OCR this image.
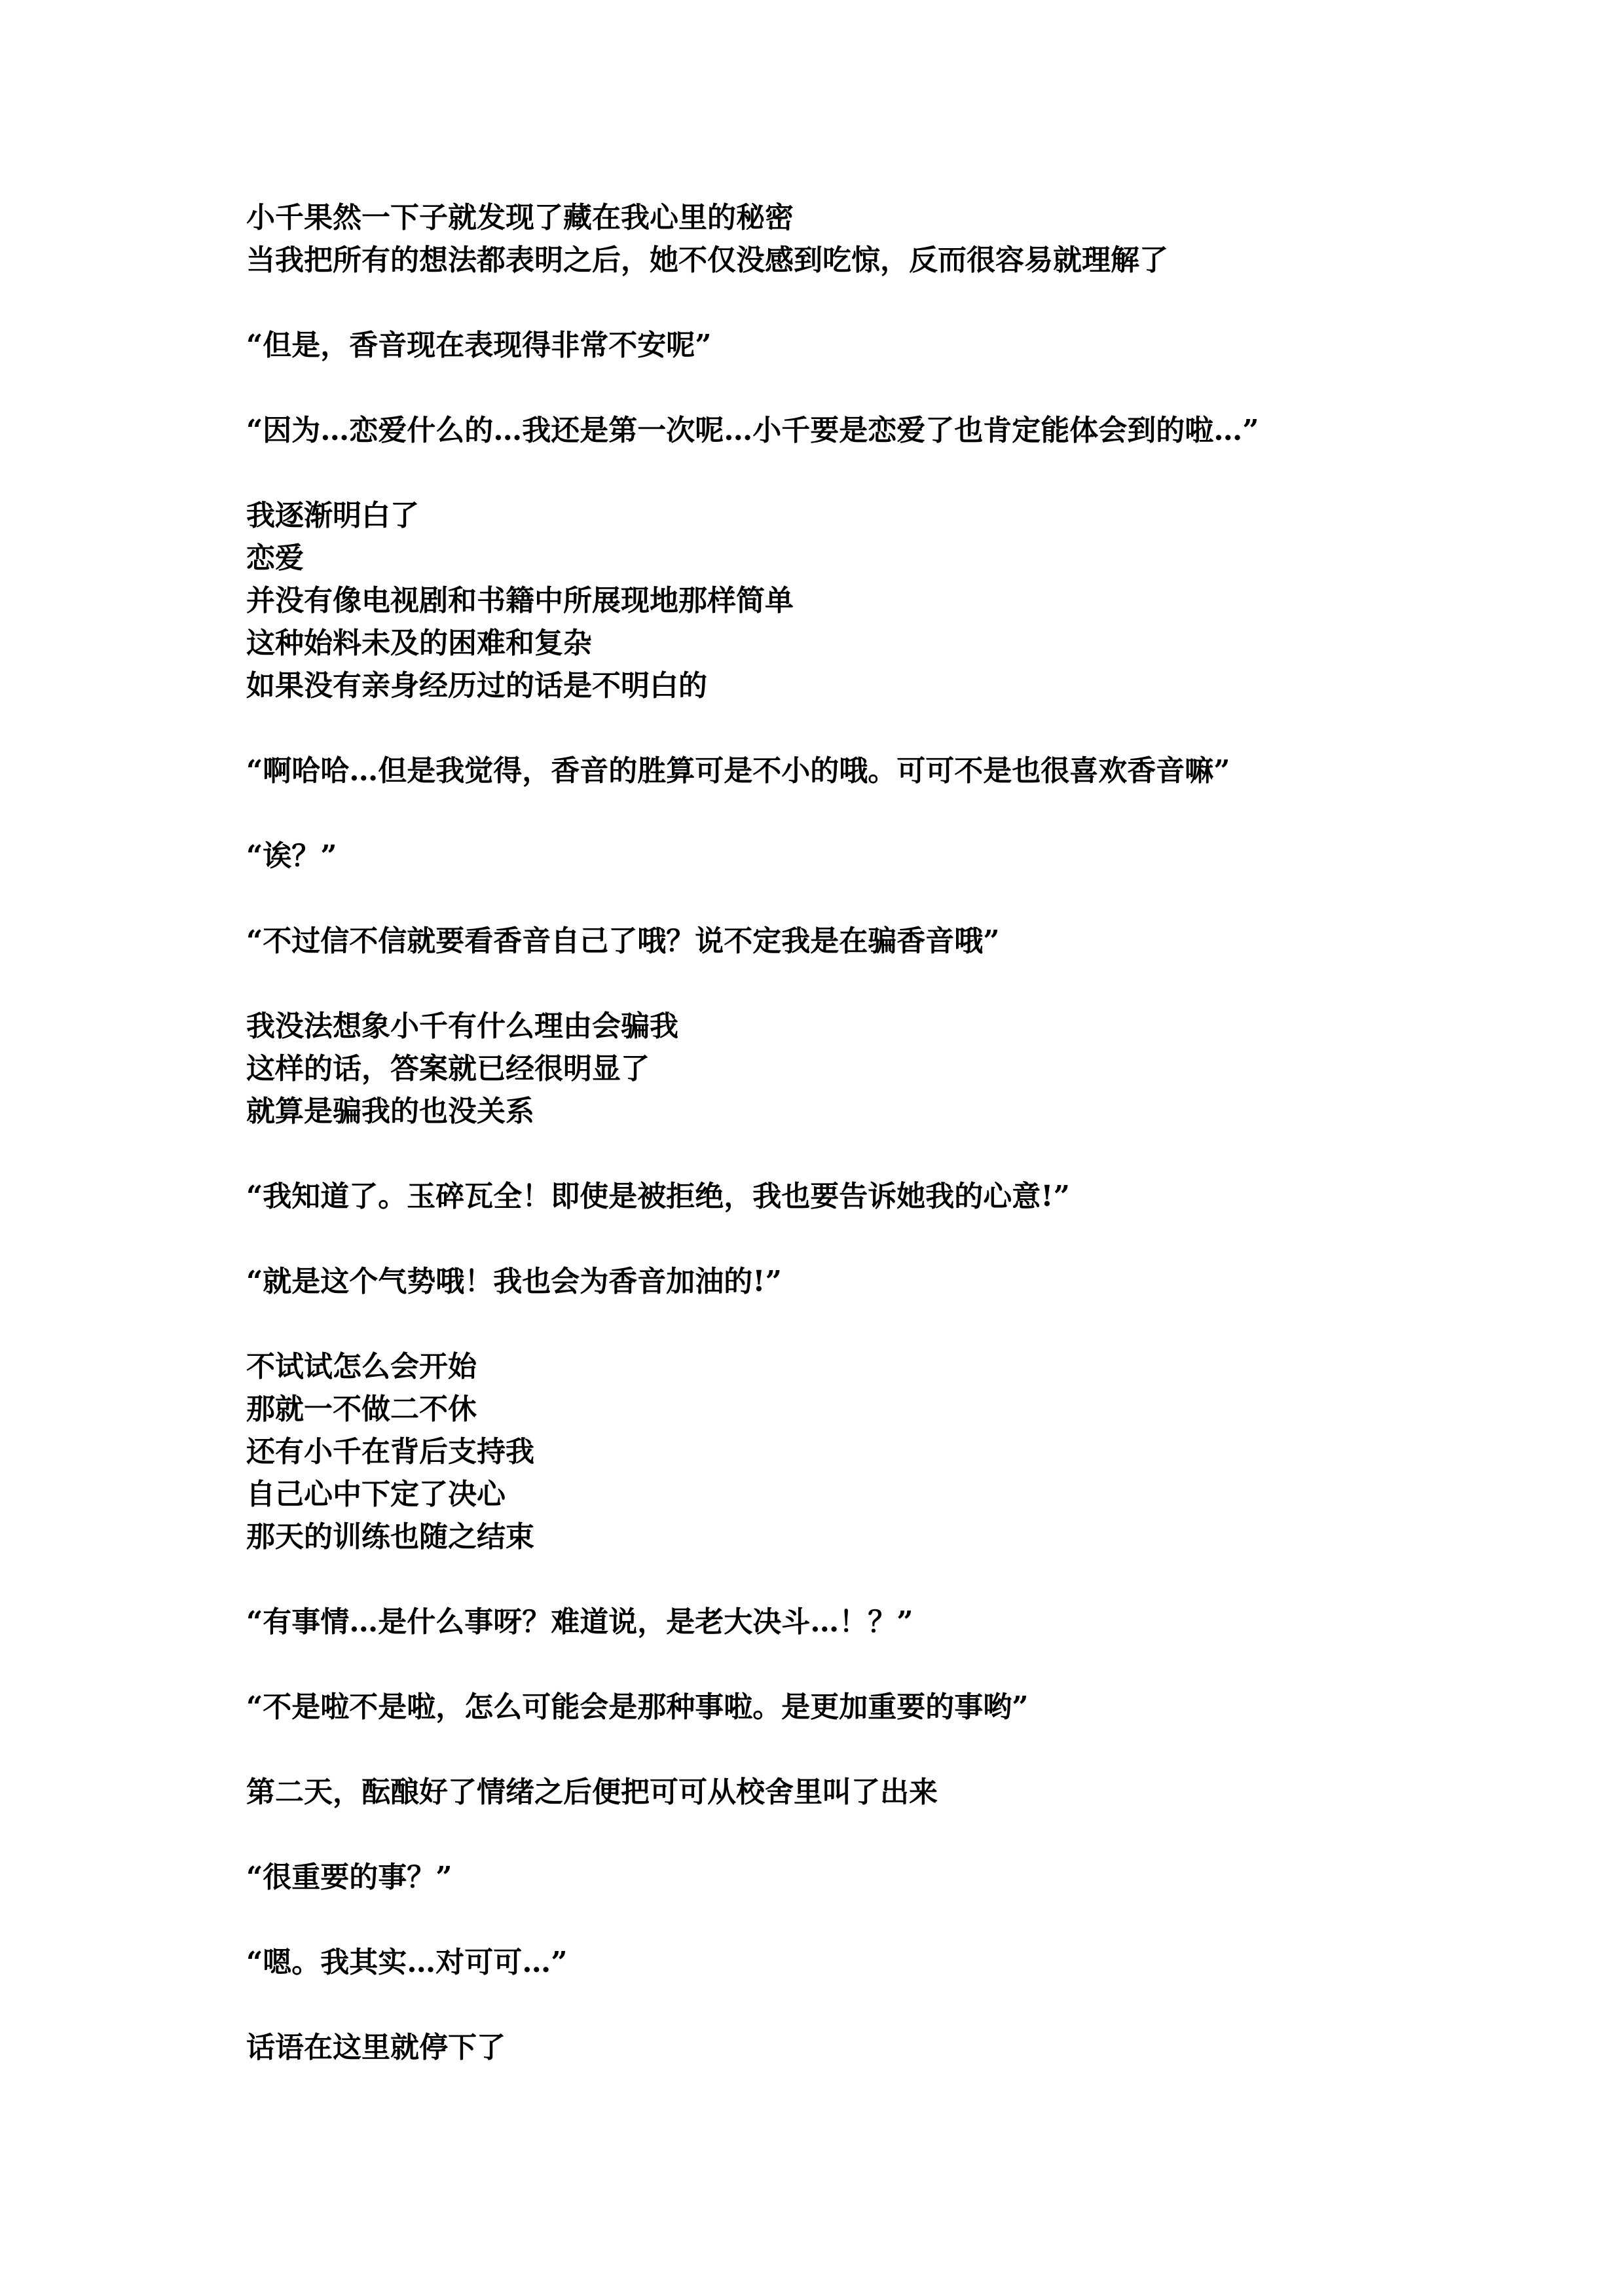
小千果然一下子就发现了藏在我心里的秘密
当我把所有的想法都表明之后，她不仅没感到吃惊，反而很容易就理解了
“但是，香音现在表现得非常不安呢”
“因为…恋爱什么的…我还是第一次呢…小千要是恋爱了也肯定能体会到的啦…”
我逐渐明白了
恋爱
并没有像电视剧和书籍中所展现地那样简单
这种始料未及的困难和复杂
如果没有亲身经历过的话是不明白的
“啊哈哈…但是我觉得，香音的胜算可是不小的哦。可可不是也很喜欢香音嘛”
“诶？”
“不过信不信就要看香音自己了哦？说不定我是在骗香音哦”
我没法想象小千有什么理由会骗我
这样的话，答案就已经很明显了
就算是骗我的也没关系
“我知道了。玉碎瓦全！即使是被拒绝，我也要告诉她我的心意!”
“就是这个气势哦！我也会为香音加油的!”
不试试怎么会开始
那就一不做二不休
还有小千在背后支持我
自己心中下定了决心
那天的训练也随之结束
“有事情…是什么事呀？难道说，是老大决斗…！？”
“不是啦不是啦，怎么可能会是那种事啦。是更加重要的事哟”
第二天，酝酿好了情绪之后便把可可从校舍里叫了出来
“很重要的事？”
“嗯。我其实…对可可…”
话语在这里就停下了
